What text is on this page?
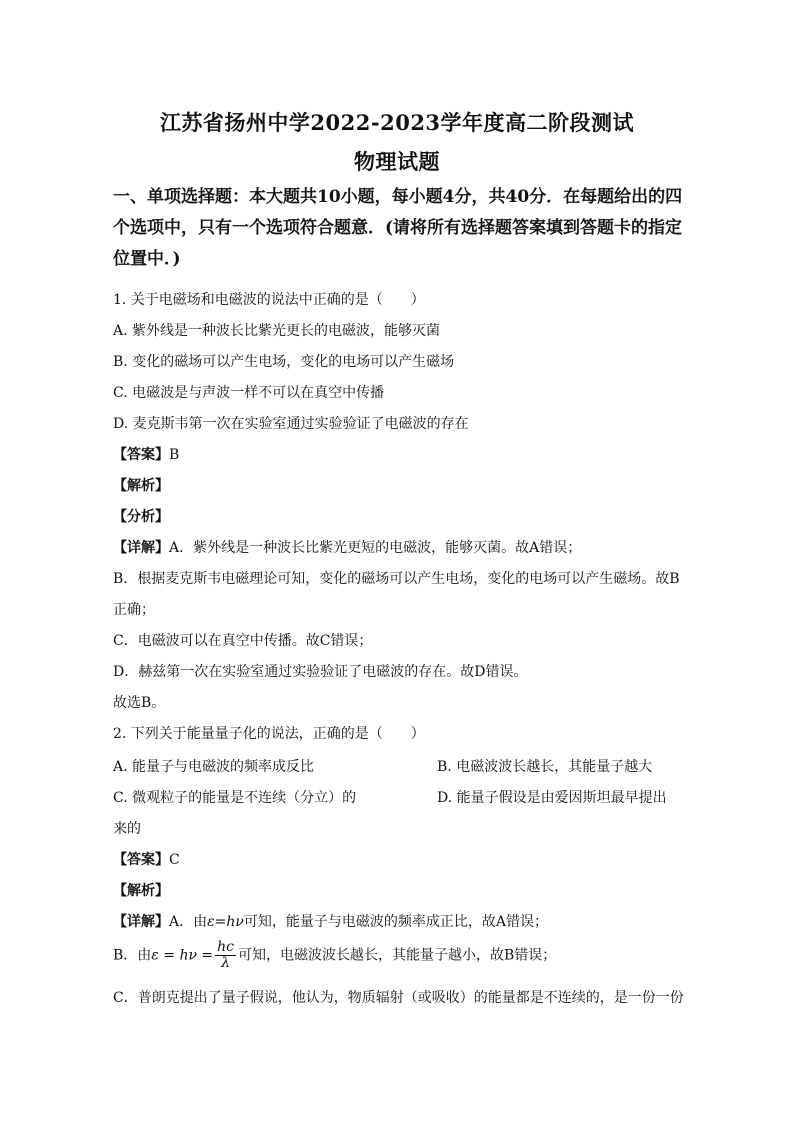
江苏省扬州中学2022-2023学年度高二阶段测试
物理试题
一、单项选择题：本大题共10小题，每小题4分，共40分．在每题给出的四个选项中，只有一个选项符合题意．(请将所有选择题答案填到答题卡的指定位置中．)
1. 关于电磁场和电磁波的说法中正确的是（　　）
A. 紫外线是一种波长比紫光更长的电磁波，能够灭菌
B. 变化的磁场可以产生电场，变化的电场可以产生磁场
C. 电磁波是与声波一样不可以在真空中传播
D. 麦克斯韦第一次在实验室通过实验验证了电磁波的存在
【答案】B
【解析】
【分析】
【详解】A．紫外线是一种波长比紫光更短的电磁波，能够灭菌。故A错误；
B．根据麦克斯韦电磁理论可知，变化的磁场可以产生电场，变化的电场可以产生磁场。故B
正确；
C．电磁波可以在真空中传播。故C错误；
D．赫兹第一次在实验室通过实验验证了电磁波的存在。故D错误。
故选B。
2. 下列关于能量量子化的说法，正确的是（　　）
A. 能量子与电磁波的频率成反比	B. 电磁波波长越长，其能量子越大
C. 微观粒子的能量是不连续（分立）的	D. 能量子假设是由爱因斯坦最早提出
来的
【答案】C
【解析】
【详解】A．由ε=hν可知，能量子与电磁波的频率成正比，故A错误；
B．由$\varepsilon = h\nu = \frac{hc}{\lambda}$ 可知，电磁波波长越长，其能量子越小，故B错误；
C．普朗克提出了量子假说，他认为，物质辐射（或吸收）的能量都是不连续的，是一份一份
